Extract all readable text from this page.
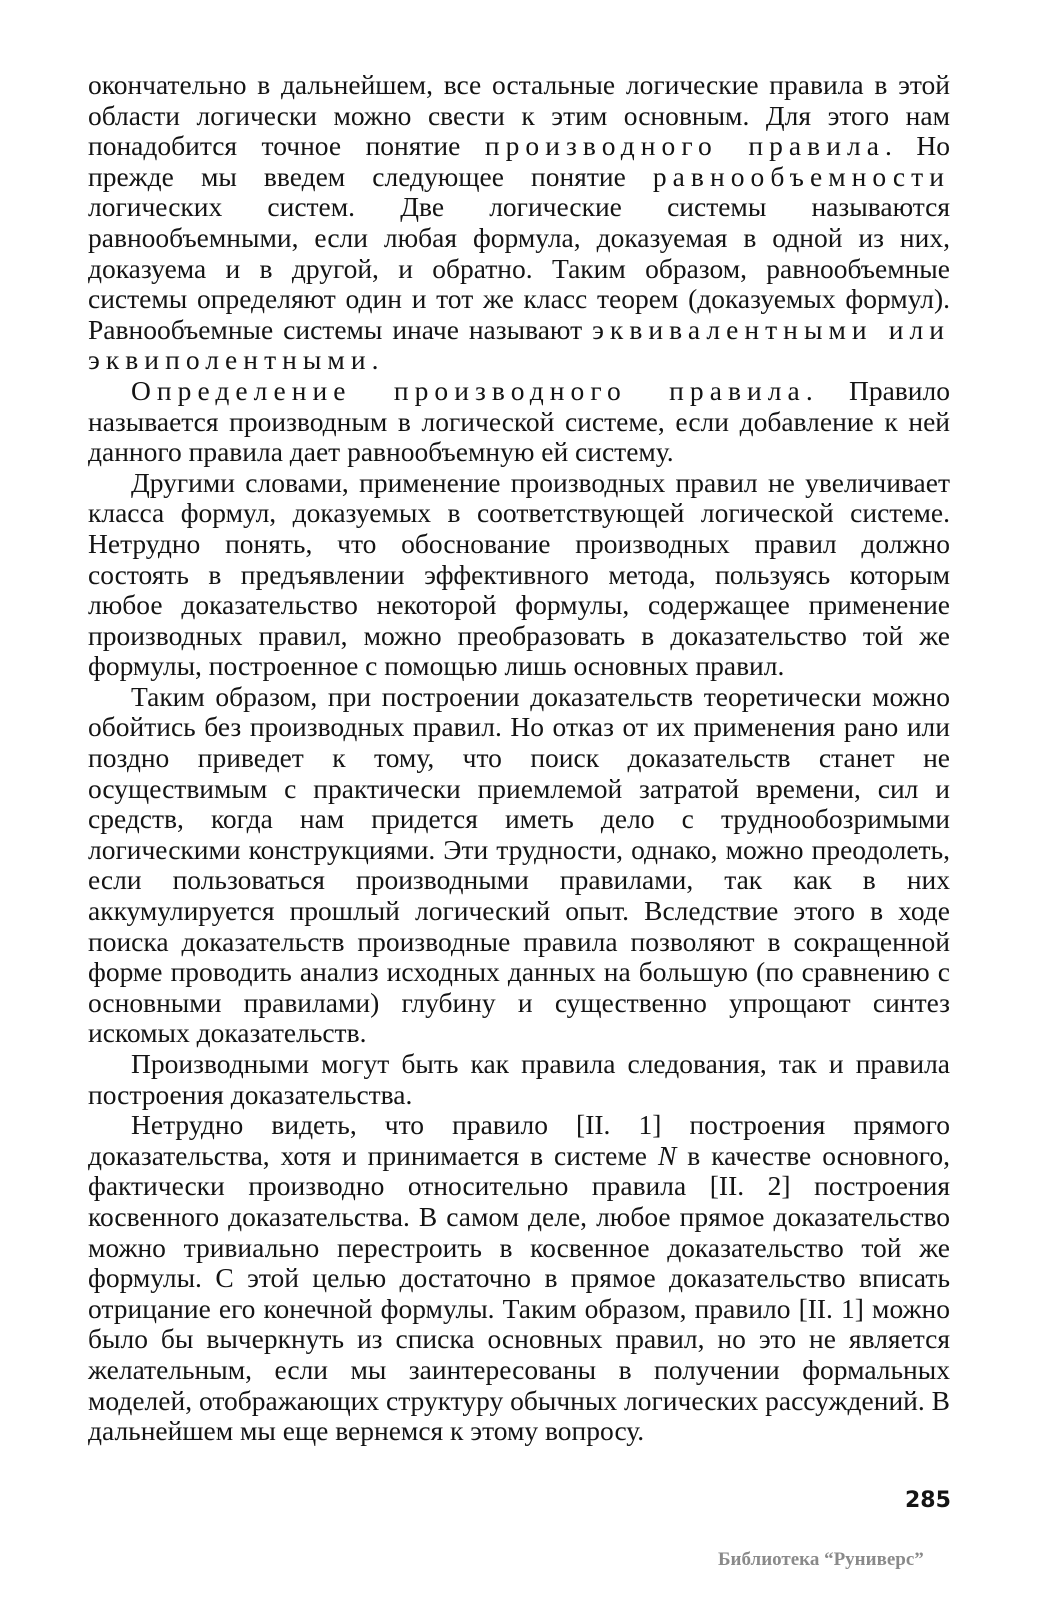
окончательно в дальнейшем, все остальные логические правила в этой области логически можно свести к этим основным. Для этого нам понадобится точное понятие производного правила. Но прежде мы введем следующее понятие равнообъемности логических систем. Две логические системы называются равнообъемными, если любая формула, доказуемая в одной из них, доказуема и в другой, и обратно. Таким образом, равнообъемные системы определяют один и тот же класс теорем (доказуемых формул). Равнообъемные системы иначе называют эквивалентными или эквиполентными.

Определение производного правила. Правило называется производным в логической системе, если добавление к ней данного правила дает равнообъемную ей систему.

Другими словами, применение производных правил не увеличивает класса формул, доказуемых в соответствующей логической системе. Нетрудно понять, что обоснование производных правил должно состоять в предъявлении эффективного метода, пользуясь которым любое доказательство некоторой формулы, содержащее применение производных правил, можно преобразовать в доказательство той же формулы, построенное с помощью лишь основных правил.

Таким образом, при построении доказательств теоретически можно обойтись без производных правил. Но отказ от их применения рано или поздно приведет к тому, что поиск доказательств станет не осуществимым с практически приемлемой затратой времени, сил и средств, когда нам придется иметь дело с труднообозримыми логическими конструкциями. Эти трудности, однако, можно преодолеть, если пользоваться производными правилами, так как в них аккумулируется прошлый логический опыт. Вследствие этого в ходе поиска доказательств производные правила позволяют в сокращенной форме проводить анализ исходных данных на большую (по сравнению с основными правилами) глубину и существенно упрощают синтез искомых доказательств.

Производными могут быть как правила следования, так и правила построения доказательства.

Нетрудно видеть, что правило [II. 1] построения прямого доказательства, хотя и принимается в системе N в качестве основного, фактически производно относительно правила [II. 2] построения косвенного доказательства. В самом деле, любое прямое доказательство можно тривиально перестроить в косвенное доказательство той же формулы. С этой целью достаточно в прямое доказательство вписать отрицание его конечной формулы. Таким образом, правило [II. 1] можно было бы вычеркнуть из списка основных правил, но это не является желательным, если мы заинтересованы в получении формальных моделей, отображающих структуру обычных логических рассуждений. В дальнейшем мы еще вернемся к этому вопросу.

285
Библиотека “Руниверс”
